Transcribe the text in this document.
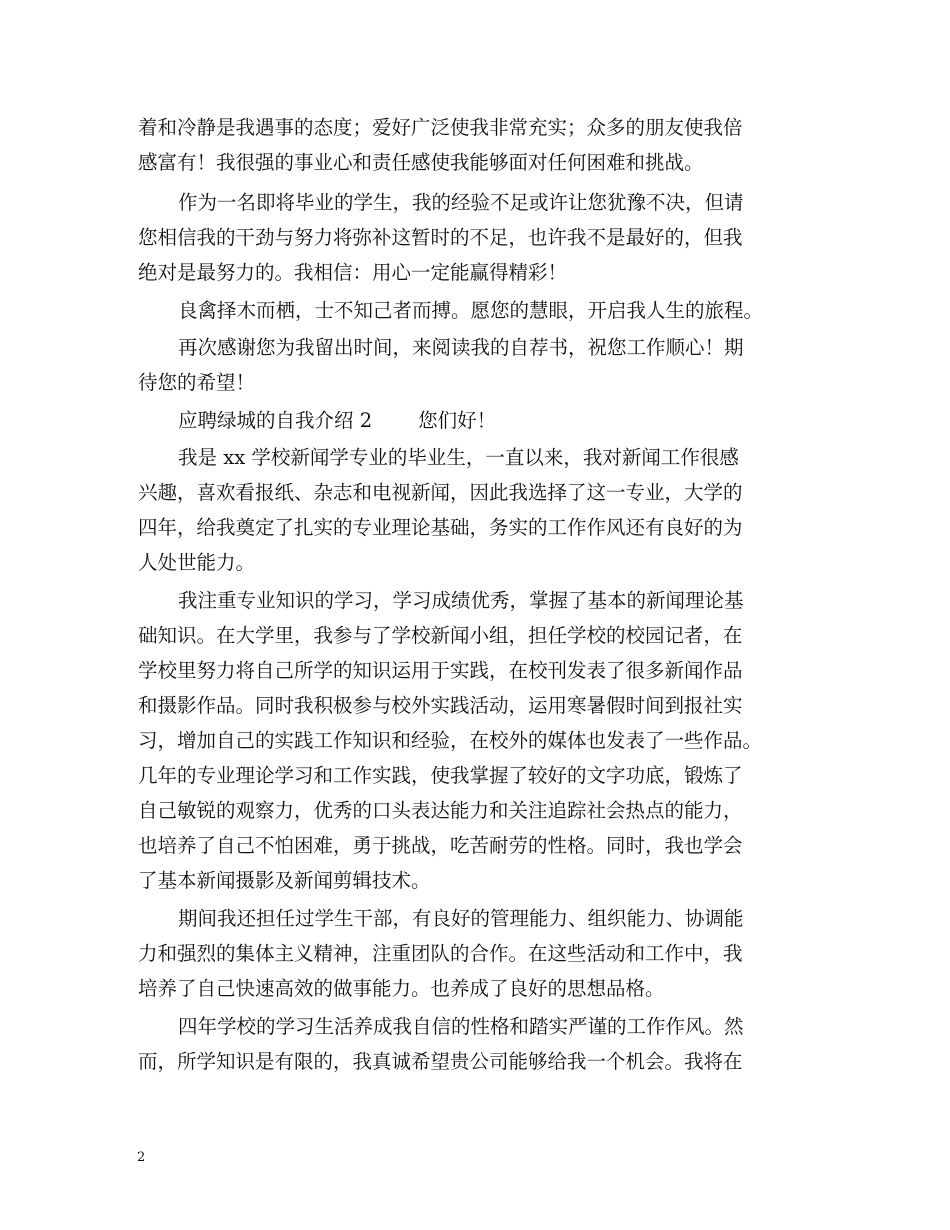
着和冷静是我遇事的态度；爱好广泛使我非常充实；众多的朋友使我倍
感富有！我很强的事业心和责任感使我能够面对任何困难和挑战。
作为一名即将毕业的学生，我的经验不足或许让您犹豫不决，但请
您相信我的干劲与努力将弥补这暂时的不足，也许我不是最好的，但我
绝对是最努力的。我相信：用心一定能赢得精彩！
良禽择木而栖，士不知己者而搏。愿您的慧眼，开启我人生的旅程。
再次感谢您为我留出时间，来阅读我的自荐书，祝您工作顺心！期
待您的希望！
应聘绿城的自我介绍 2 您们好！
我是 xx 学校新闻学专业的毕业生，一直以来，我对新闻工作很感
兴趣，喜欢看报纸、杂志和电视新闻，因此我选择了这一专业，大学的
四年，给我奠定了扎实的专业理论基础，务实的工作作风还有良好的为
人处世能力。
我注重专业知识的学习，学习成绩优秀，掌握了基本的新闻理论基
础知识。在大学里，我参与了学校新闻小组，担任学校的校园记者，在
学校里努力将自己所学的知识运用于实践，在校刊发表了很多新闻作品
和摄影作品。同时我积极参与校外实践活动，运用寒暑假时间到报社实
习，增加自己的实践工作知识和经验，在校外的媒体也发表了一些作品。
几年的专业理论学习和工作实践，使我掌握了较好的文字功底，锻炼了
自己敏锐的观察力，优秀的口头表达能力和关注追踪社会热点的能力，
也培养了自己不怕困难，勇于挑战，吃苦耐劳的性格。同时，我也学会
了基本新闻摄影及新闻剪辑技术。
期间我还担任过学生干部，有良好的管理能力、组织能力、协调能
力和强烈的集体主义精神，注重团队的合作。在这些活动和工作中，我
培养了自己快速高效的做事能力。也养成了良好的思想品格。
四年学校的学习生活养成我自信的性格和踏实严谨的工作作风。然
而，所学知识是有限的，我真诚希望贵公司能够给我一个机会。我将在
2
